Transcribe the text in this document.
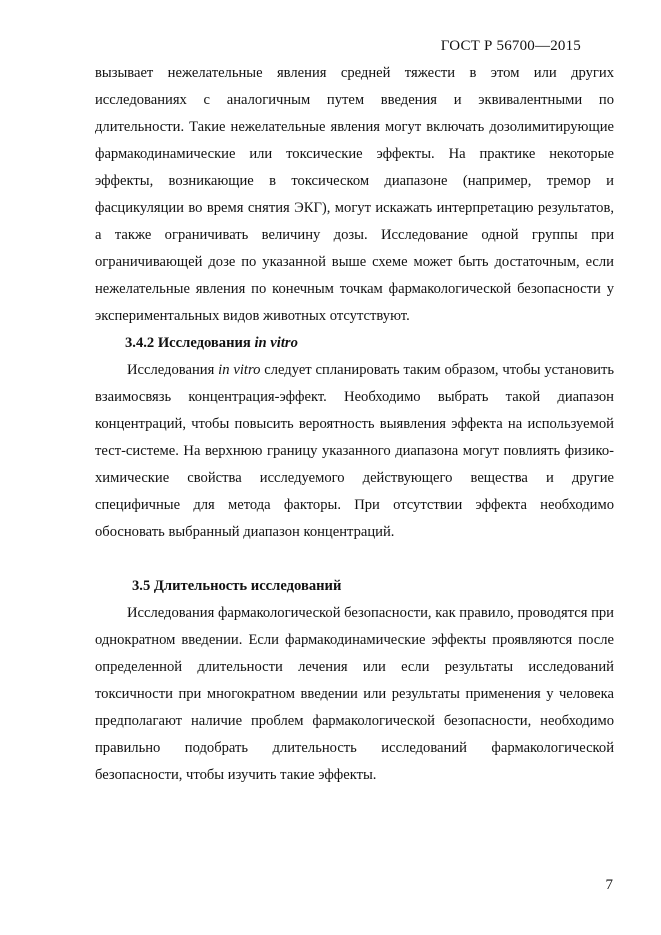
ГОСТ Р 56700—2015

вызывает нежелательные явления средней тяжести в этом или других исследованиях с аналогичным путем введения и эквивалентными по длительности. Такие нежелательные явления могут включать дозолимитирующие фармакодинамические или токсические эффекты. На практике некоторые эффекты, возникающие в токсическом диапазоне (например, тремор и фасцикуляции во время снятия ЭКГ), могут искажать интерпретацию результатов, а также ограничивать величину дозы. Исследование одной группы при ограничивающей дозе по указанной выше схеме может быть достаточным, если нежелательные явления по конечным точкам фармакологической безопасности у экспериментальных видов животных отсутствуют.

3.4.2 Исследования in vitro

Исследования in vitro следует спланировать таким образом, чтобы установить взаимосвязь концентрация-эффект. Необходимо выбрать такой диапазон концентраций, чтобы повысить вероятность выявления эффекта на используемой тест-системе. На верхнюю границу указанного диапазона могут повлиять физико-химические свойства исследуемого действующего вещества и другие специфичные для метода факторы. При отсутствии эффекта необходимо обосновать выбранный диапазон концентраций.

3.5 Длительность исследований

Исследования фармакологической безопасности, как правило, проводятся при однократном введении. Если фармакодинамические эффекты проявляются после определенной длительности лечения или если результаты исследований токсичности при многократном введении или результаты применения у человека предполагают наличие проблем фармакологической безопасности, необходимо правильно подобрать длительность исследований фармакологической безопасности, чтобы изучить такие эффекты.

7
